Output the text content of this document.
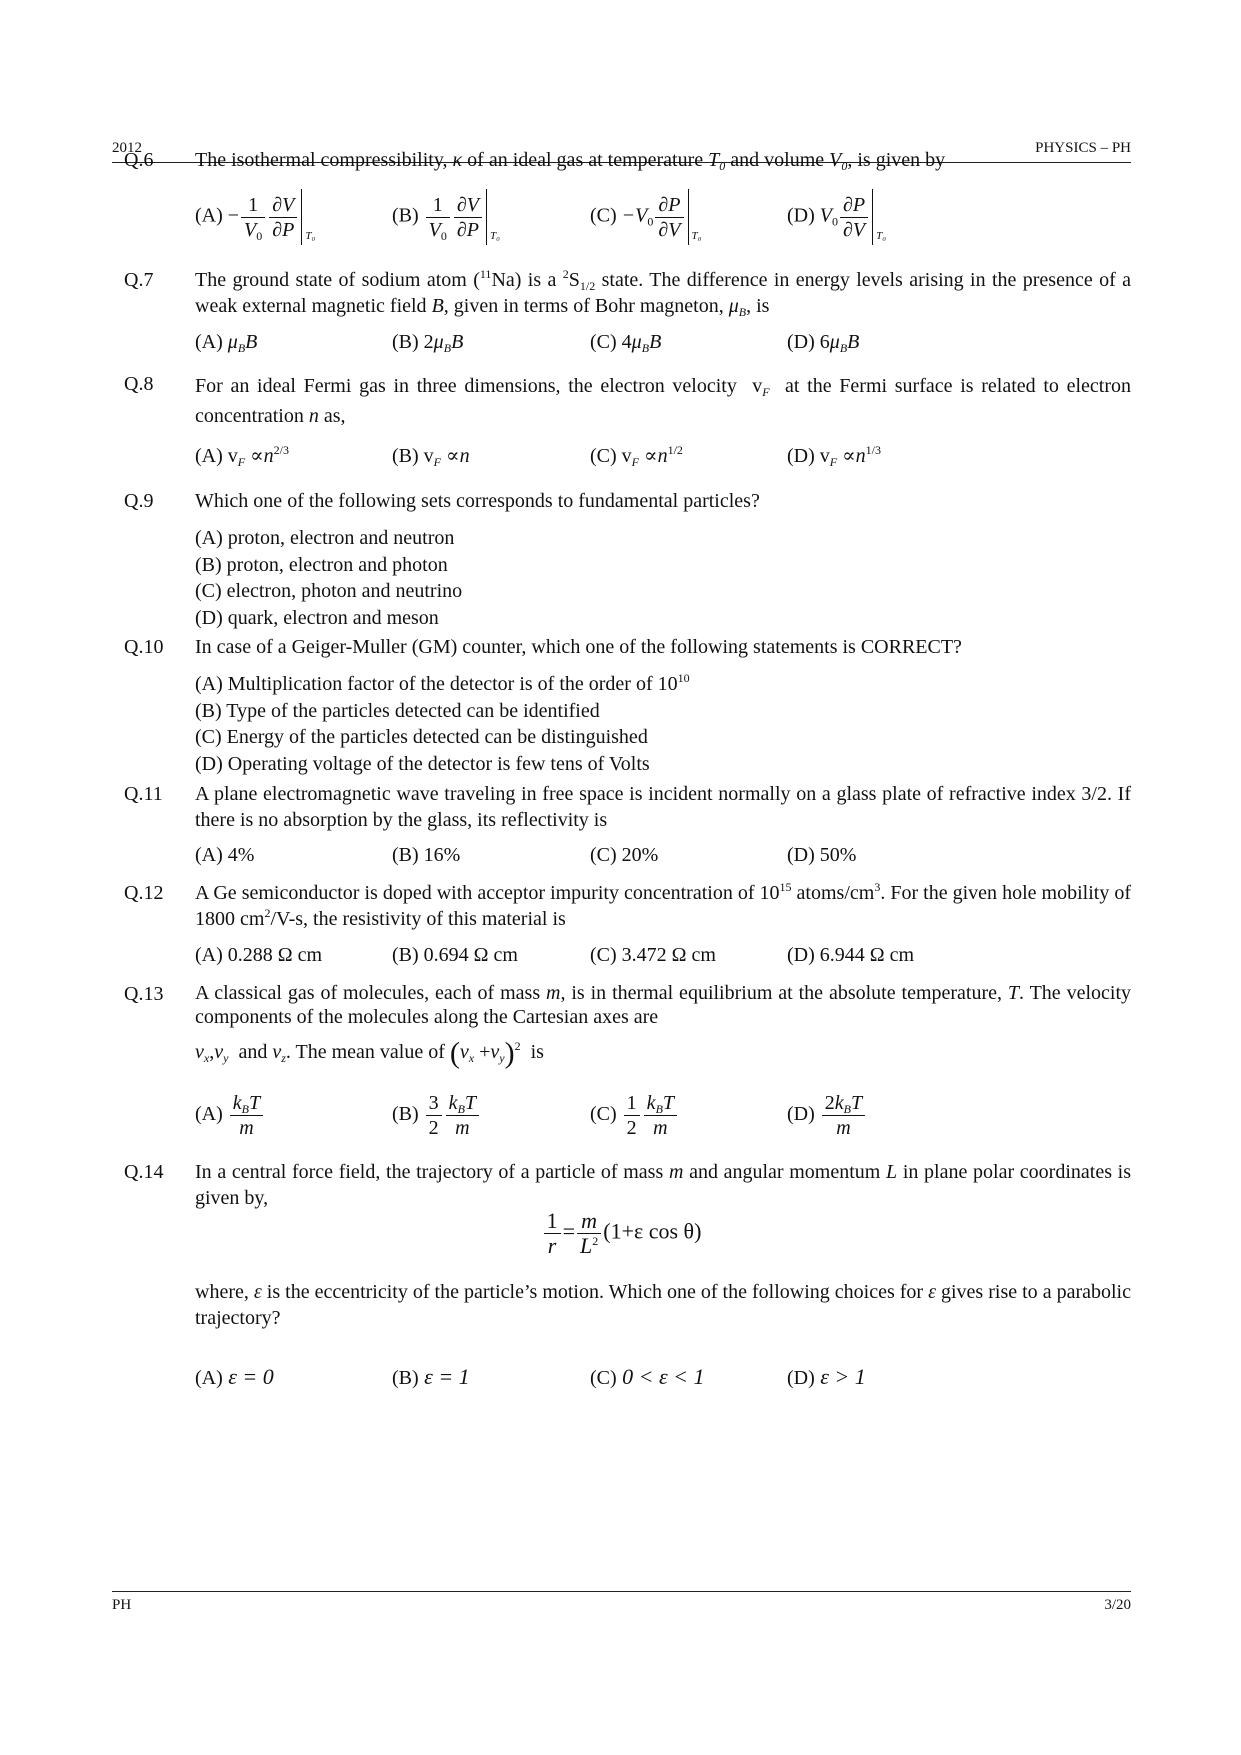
2012	PHYSICS – PH
Q.6 The isothermal compressibility, κ of an ideal gas at temperature $T_0$ and volume $V_0$, is given by
$(A) - \frac{1}{V_0} \frac{\partial V}{\partial P} T_0$
$(B) \frac{1}{V_0} \frac{\partial V}{\partial P} T_0$
$(C) -V_0 \frac{\partial P}{\partial V} T_0$
(D) $V_0 \frac{\partial P}{\partial V} T_0$
Q.7 The ground state of sodium atom ($^{11}$Na) is a $^2S_{1/2}$ state. The difference in energy levels arising in the presence of a weak external magnetic field B, given in terms of Bohr magneton, $\mu_B$, is
(A) $\mu_BB$	(B) $2\mu_BB$	(C) $4\mu_BB$	(D) $6\mu_BB$
Q.8 For an ideal Fermi gas in three dimensions, the electron velocity $v_F$ at the Fermi surface is related to electron concentration n as,
(A) $v_F \propto n^{2/3}$	(B) $v_F \propto n$	(C) $v_F \propto n^{1/2}$	(D) $v_F \propto n^{1/3}$
Q.9 Which one of the following sets corresponds to fundamental particles?
(A) proton, electron and neutron
(B) proton, electron and photon
(C) electron, photon and neutrino
(D) quark, electron and meson
Q.10 In case of a Geiger-Muller (GM) counter, which one of the following statements is CORRECT?
(A) Multiplication factor of the detector is of the order of $10^{10}$
(B) Type of the particles detected can be identified
(C) Energy of the particles detected can be distinguished
(D) Operating voltage of the detector is few tens of Volts
Q.11 A plane electromagnetic wave traveling in free space is incident normally on a glass plate of refractive index 3/2. If there is no absorption by the glass, its reflectivity is
(A) 4%	(B) 16%	(C) 20%	(D) 50%
Q.12 A Ge semiconductor is doped with acceptor impurity concentration of $10^{15}$ atoms/$cm^3$. For the given hole mobility of 1800 $cm^2/V-s$, the resistivity of this material is
(A) 0.288 Ω cm	(B) 0.694 Ω cm	(C) 3.472 Ω cm	(D) 6.944 Ω cm
Q.13 A classical gas of molecules, each of mass m, is in thermal equilibrium at the absolute temperature, T. The velocity components of the molecules along the Cartesian axes are
$v_x,v_y$ and $v_z$. The mean value of $(v_x +v_y)^2$ is
$(A) \frac{k_BT}{m}$	$(B) \frac{3}{2} \frac{k_BT}{m}$	$(C) \frac{1}{2} \frac{k_BT}{m}$	$(D) \frac{2k_BT}{m}$
Q.14 In a central force field, the trajectory of a particle of mass m and angular momentum L in plane polar coordinates is given by,
$\frac{1}{r} = \frac{m}{L^2} (1+\varepsilon$ cos θ)
where, ε is the eccentricity of the particle’s motion. Which one of the following choices for ε gives rise to a parabolic trajectory?
(A) ε = 0	(B) ε = 1	(C) 0 < ε < 1	(D) ε > 1
PH	3/20
